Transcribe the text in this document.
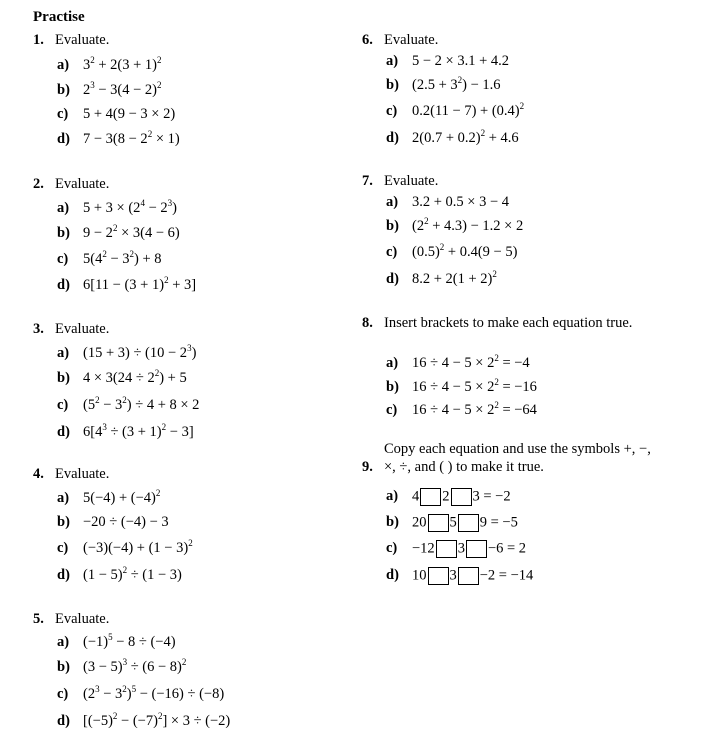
Practise
1. Evaluate.
a) $3^2 + 2(3 + 1)^2$
b) $2^3 - 3(4 - 2)^2$
c) 5 + 4(9 − 3 × 2)
d) $7 - 3(8 - 2^2 \times 1)$
2. Evaluate.
a) $5 + 3 \times (2^4 - 2^3)$
b) $9 - 2^2 \times 3(4 - 6)$
c) $5(4^2 - 3^2) + 8$
d) $6[11 - (3 + 1)^2 + 3]$
3. Evaluate.
a) $(15 + 3) \div (10 - 2^3)$
b) $4 \times 3(24 \div 2^2) + 5$
c) $(5^2 - 3^2) \div 4 + 8 \times 2$
d) $6[4^3 \div (3 + 1)^2 - 3]$
4. Evaluate.
a) $5(-4) + (-4)^2$
b) −20 ÷ (−4) − 3
c) $(-3)(-4) + (1 - 3)^2$
d) $(1 - 5)^2 \div (1 - 3)$
5. Evaluate.
a) $(-1)^5 - 8 \div (-4)$
b) $(3 - 5)^3 \div (6 - 8)^2$
c) $(2^3 - 3^2)^5 - (-16) \div (-8)$
d) $[(-5)^2 - (-7)^2] \times 3 \div (-2)$
6. Evaluate.
a) 5 − 2 × 3.1 + 4.2
b) $(2.5 + 3^2) - 1.6$
c) $0.2(11 - 7) + (0.4)^2$
d) $2(0.7 + 0.2)^2 + 4.6$
7. Evaluate.
a) 3.2 + 0.5 × 3 − 4
b) $(2^2 + 4.3) - 1.2 \times 2$
c) $(0.5)^2 + 0.4(9 - 5)$
d) $8.2 + 2(1 + 2)^2$
8. Insert brackets to make each equation true.
a) $16 \div 4 - 5 \times 2^2 = -4$
b) $16 \div 4 - 5 \times 2^2 = -16$
c) $16 \div 4 - 5 \times 2^2 = -64$
9.Copy each equation and use the symbols +, −, ×, ÷, and ( ) to make it true.
a) 4 2 3 = −2
b) 20 5 9 = −5
c) −12 3 −6 = 2
d) 10 3 −2 = −14
